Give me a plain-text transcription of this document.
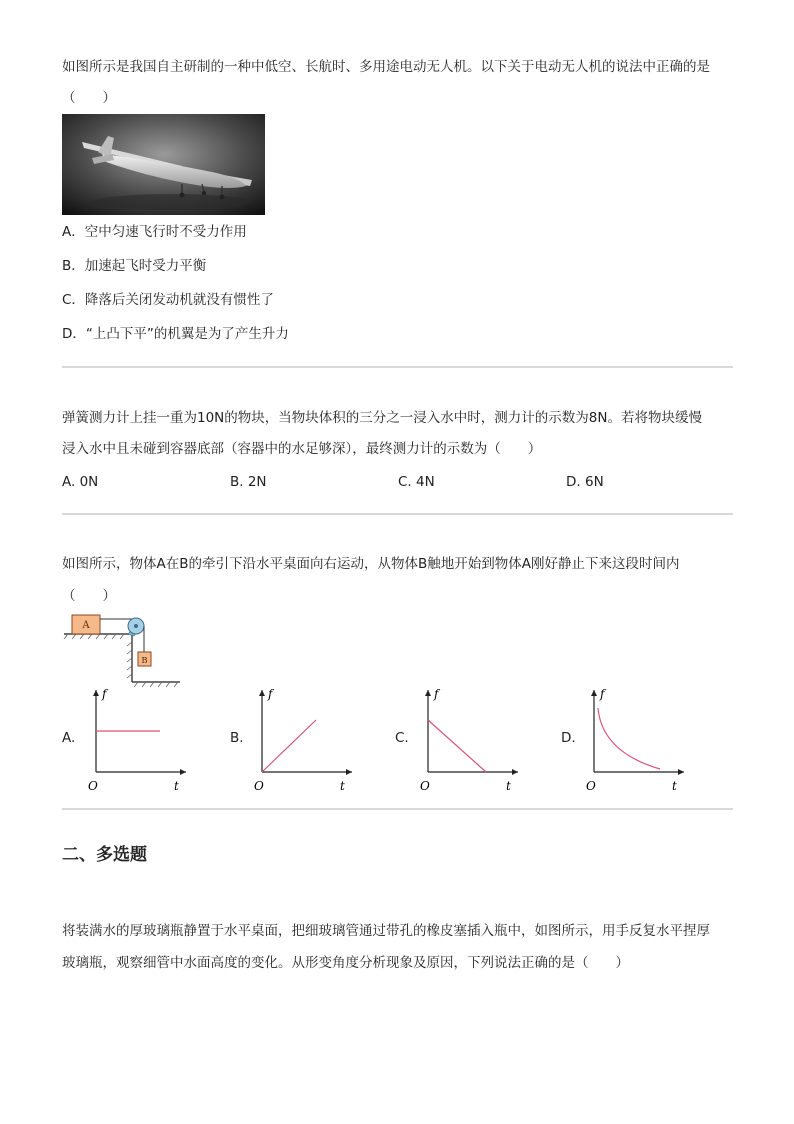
如图所示是我国自主研制的一种中低空、长航时、多用途电动无人机。以下关于电动无人机的说法中正确的是
（　　）
A．空中匀速飞行时不受力作用
B．加速起飞时受力平衡
C．降落后关闭发动机就没有惯性了
D．“上凸下平”的机翼是为了产生升力
弹簧测力计上挂一重为10N的物块，当物块体积的三分之一浸入水中时，测力计的示数为8N。若将物块缓慢
浸入水中且未碰到容器底部（容器中的水足够深），最终测力计的示数为（　　）
A. 0N	B. 2N	C. 4N	D. 6N
如图所示，物体A在B的牵引下沿水平桌面向右运动，从物体B触地开始到物体A刚好静止下来这段时间内
（　　）
A
B
A.
f
t
O
B.
f
t
O
C.
f
t
O
D.
f
t
O
二、多选题
将装满水的厚玻璃瓶静置于水平桌面，把细玻璃管通过带孔的橡皮塞插入瓶中，如图所示，用手反复水平捏厚
玻璃瓶，观察细管中水面高度的变化。从形变角度分析现象及原因，下列说法正确的是（　　）
